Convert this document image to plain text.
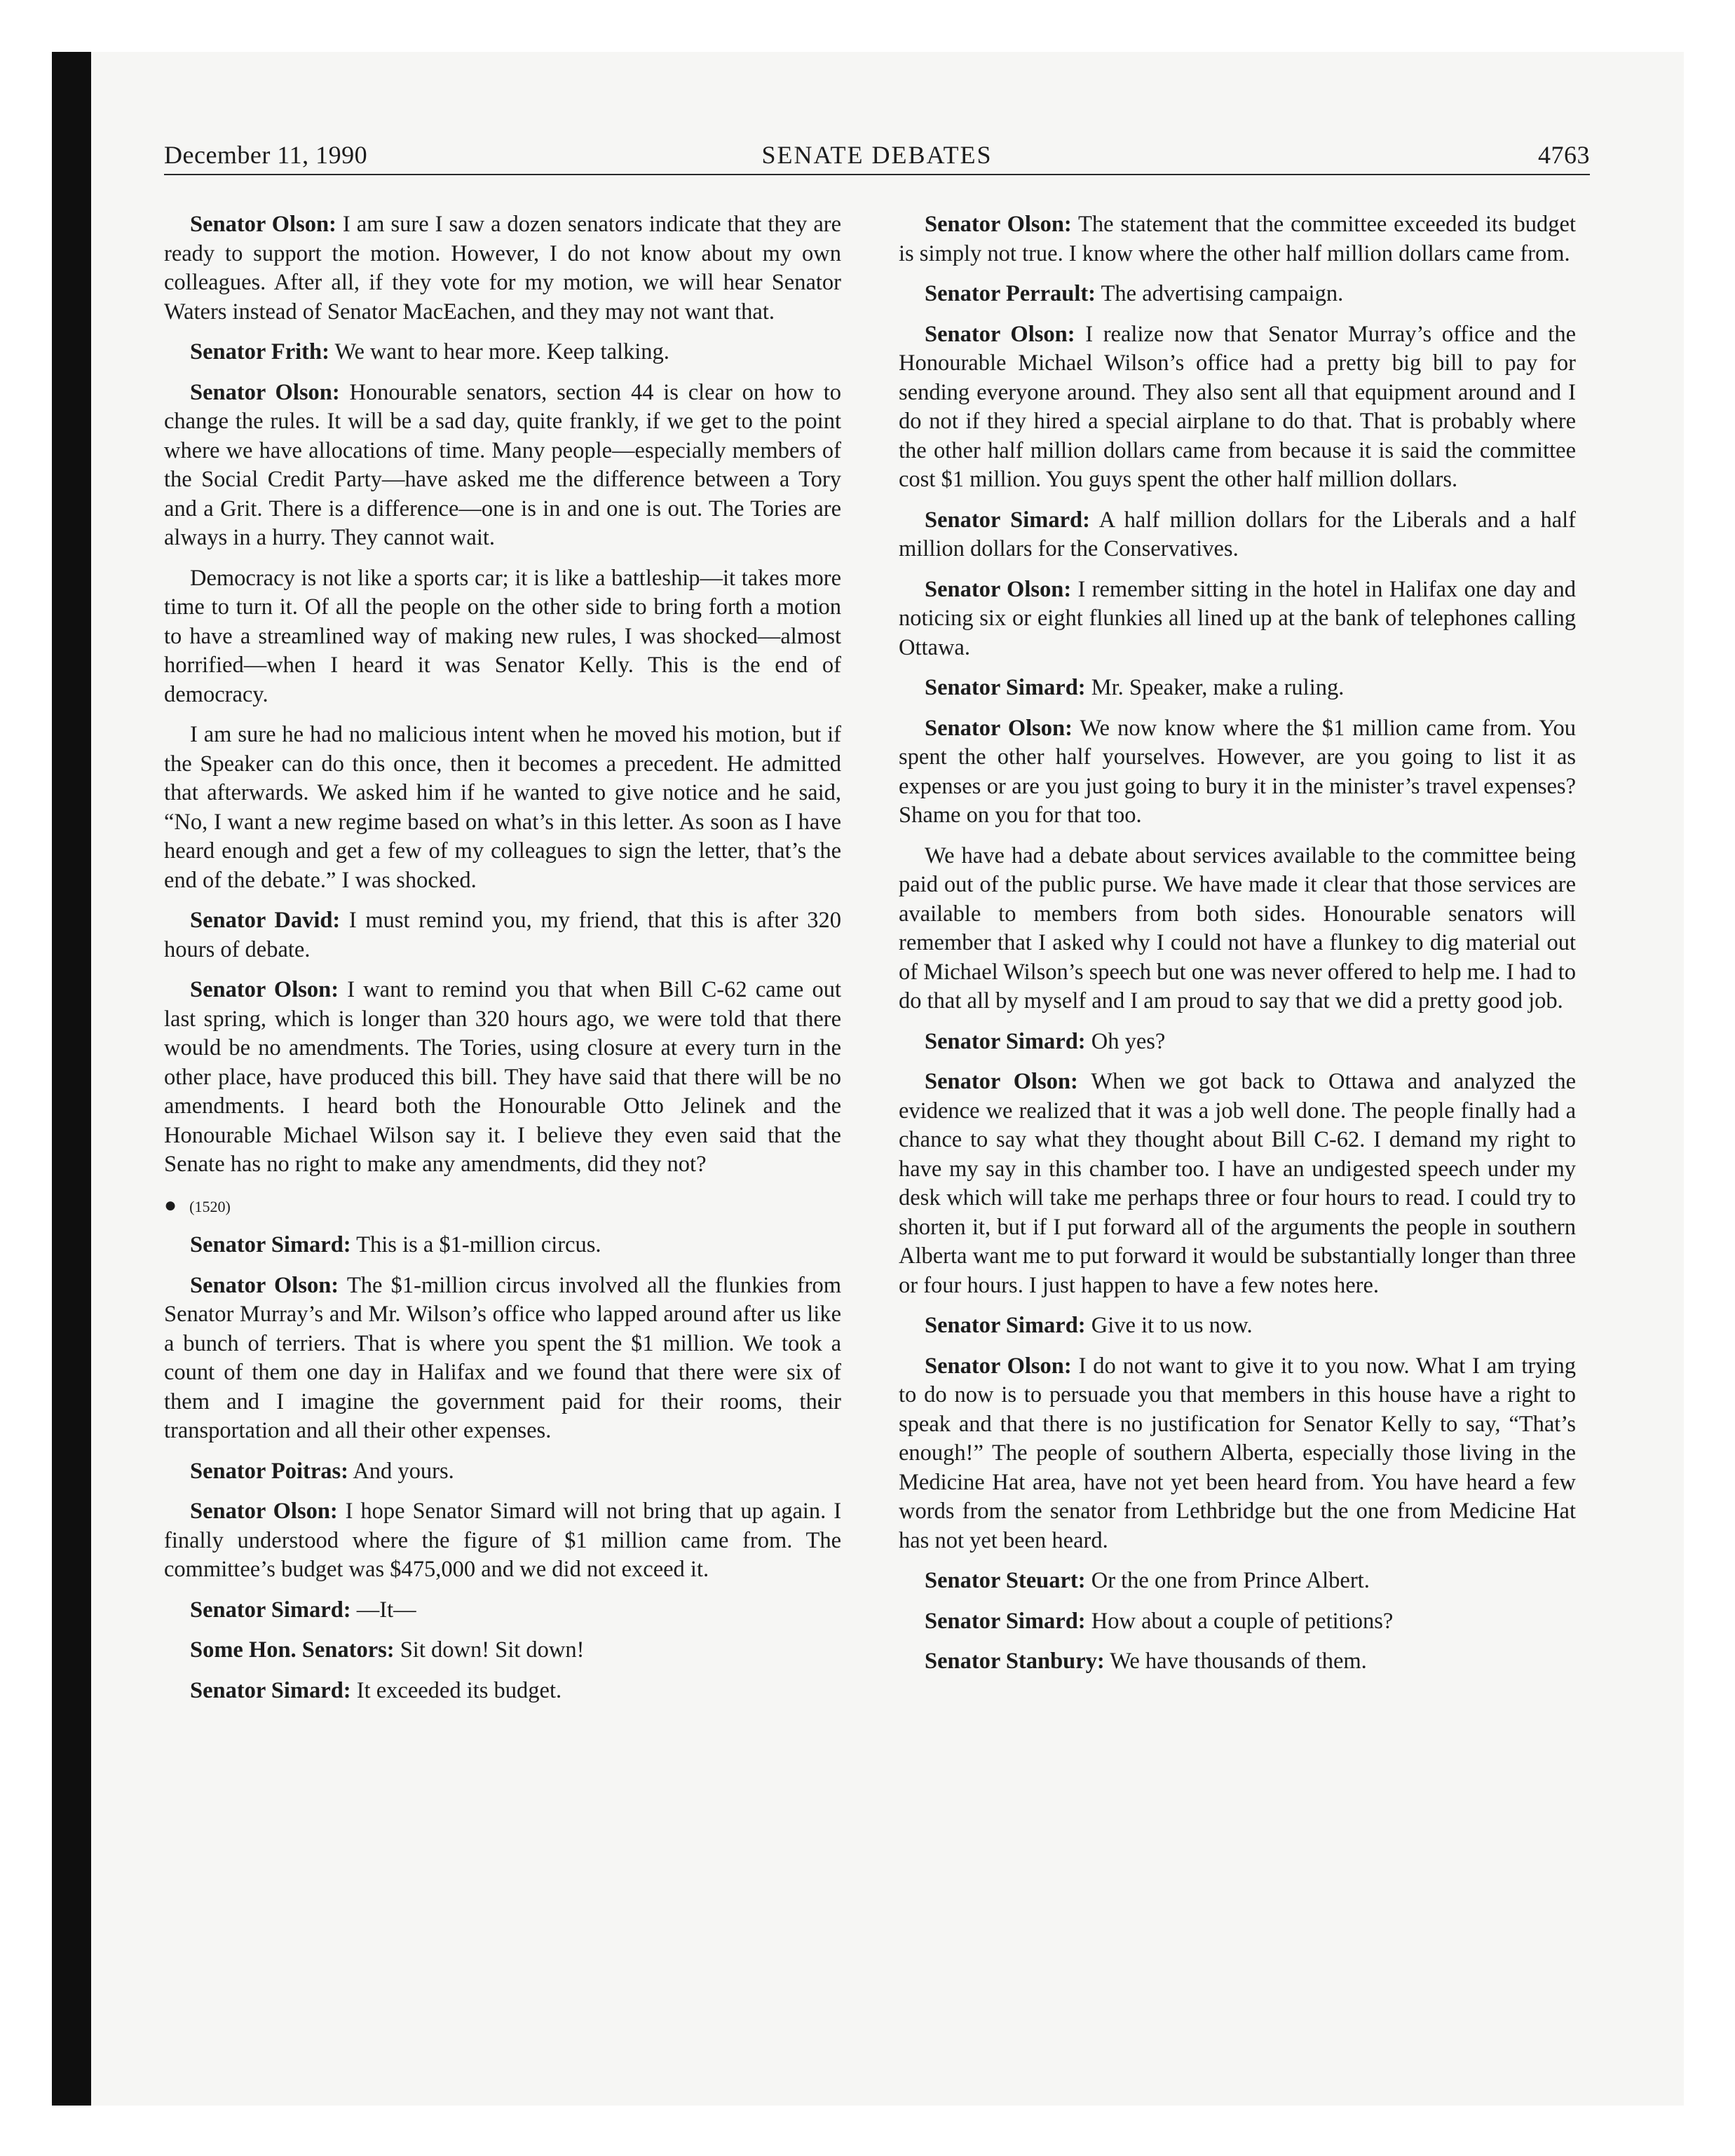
December 11, 1990	SENATE DEBATES	4763

Senator Olson: I am sure I saw a dozen senators indicate that they are ready to support the motion. However, I do not know about my own colleagues. After all, if they vote for my motion, we will hear Senator Waters instead of Senator MacEachen, and they may not want that.

Senator Frith: We want to hear more. Keep talking.

Senator Olson: Honourable senators, section 44 is clear on how to change the rules. It will be a sad day, quite frankly, if we get to the point where we have allocations of time. Many people—especially members of the Social Credit Party—have asked me the difference between a Tory and a Grit. There is a difference—one is in and one is out. The Tories are always in a hurry. They cannot wait.

Democracy is not like a sports car; it is like a battleship—it takes more time to turn it. Of all the people on the other side to bring forth a motion to have a streamlined way of making new rules, I was shocked—almost horrified—when I heard it was Senator Kelly. This is the end of democracy.

I am sure he had no malicious intent when he moved his motion, but if the Speaker can do this once, then it becomes a precedent. He admitted that afterwards. We asked him if he wanted to give notice and he said, “No, I want a new regime based on what’s in this letter. As soon as I have heard enough and get a few of my colleagues to sign the letter, that’s the end of the debate.” I was shocked.

Senator David: I must remind you, my friend, that this is after 320 hours of debate.

Senator Olson: I want to remind you that when Bill C-62 came out last spring, which is longer than 320 hours ago, we were told that there would be no amendments. The Tories, using closure at every turn in the other place, have produced this bill. They have said that there will be no amendments. I heard both the Honourable Otto Jelinek and the Honourable Michael Wilson say it. I believe they even said that the Senate has no right to make any amendments, did they not?

● (1520)

Senator Simard: This is a $1-million circus.

Senator Olson: The $1-million circus involved all the flunkies from Senator Murray’s and Mr. Wilson’s office who lapped around after us like a bunch of terriers. That is where you spent the $1 million. We took a count of them one day in Halifax and we found that there were six of them and I imagine the government paid for their rooms, their transportation and all their other expenses.

Senator Poitras: And yours.

Senator Olson: I hope Senator Simard will not bring that up again. I finally understood where the figure of $1 million came from. The committee’s budget was $475,000 and we did not exceed it.

Senator Simard: —It—

Some Hon. Senators: Sit down! Sit down!

Senator Simard: It exceeded its budget.

Senator Olson: The statement that the committee exceeded its budget is simply not true. I know where the other half million dollars came from.

Senator Perrault: The advertising campaign.

Senator Olson: I realize now that Senator Murray’s office and the Honourable Michael Wilson’s office had a pretty big bill to pay for sending everyone around. They also sent all that equipment around and I do not if they hired a special airplane to do that. That is probably where the other half million dollars came from because it is said the committee cost $1 million. You guys spent the other half million dollars.

Senator Simard: A half million dollars for the Liberals and a half million dollars for the Conservatives.

Senator Olson: I remember sitting in the hotel in Halifax one day and noticing six or eight flunkies all lined up at the bank of telephones calling Ottawa.

Senator Simard: Mr. Speaker, make a ruling.

Senator Olson: We now know where the $1 million came from. You spent the other half yourselves. However, are you going to list it as expenses or are you just going to bury it in the minister’s travel expenses? Shame on you for that too.

We have had a debate about services available to the committee being paid out of the public purse. We have made it clear that those services are available to members from both sides. Honourable senators will remember that I asked why I could not have a flunkey to dig material out of Michael Wilson’s speech but one was never offered to help me. I had to do that all by myself and I am proud to say that we did a pretty good job.

Senator Simard: Oh yes?

Senator Olson: When we got back to Ottawa and analyzed the evidence we realized that it was a job well done. The people finally had a chance to say what they thought about Bill C-62. I demand my right to have my say in this chamber too. I have an undigested speech under my desk which will take me perhaps three or four hours to read. I could try to shorten it, but if I put forward all of the arguments the people in southern Alberta want me to put forward it would be substantially longer than three or four hours. I just happen to have a few notes here.

Senator Simard: Give it to us now.

Senator Olson: I do not want to give it to you now. What I am trying to do now is to persuade you that members in this house have a right to speak and that there is no justification for Senator Kelly to say, “That’s enough!” The people of southern Alberta, especially those living in the Medicine Hat area, have not yet been heard from. You have heard a few words from the senator from Lethbridge but the one from Medicine Hat has not yet been heard.

Senator Steuart: Or the one from Prince Albert.

Senator Simard: How about a couple of petitions?

Senator Stanbury: We have thousands of them.
